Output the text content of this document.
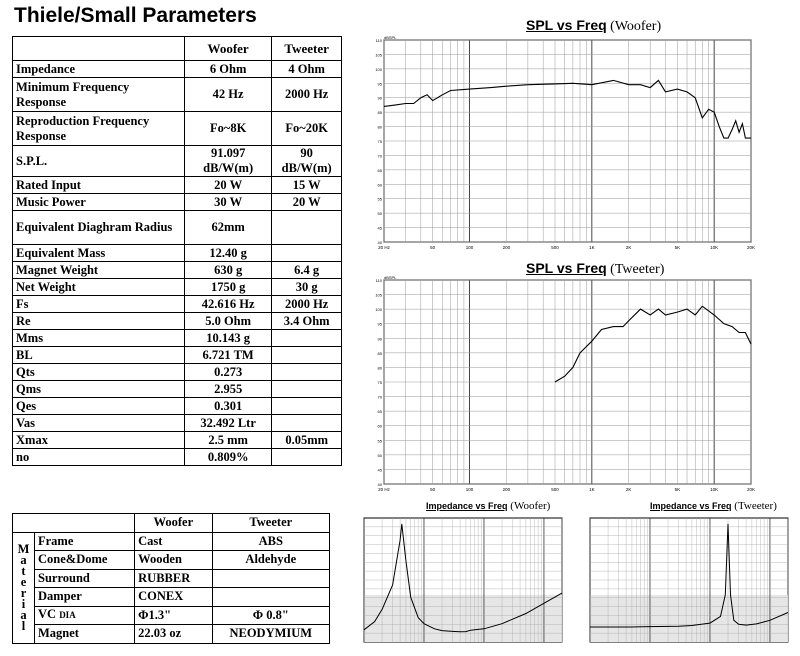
Thiele/Small Parameters
	Woofer	Tweeter
Impedance	6 Ohm	4 Ohm
Minimum Frequency Response	42 Hz	2000 Hz
Reproduction Frequency Response	Fo~8K	Fo~20K
S.P.L.	91.097 dB/W(m)	90 dB/W(m)
Rated Input	20 W	15 W
Music Power	30 W	20 W
Equivalent Diaghram Radius	62mm	
Equivalent Mass	12.40 g	
Magnet Weight	630 g	6.4 g
Net Weight	1750 g	30 g
Fs	42.616 Hz	2000 Hz
Re	5.0 Ohm	3.4 Ohm
Mms	10.143 g	
BL	6.721 TM	
Qts	0.273	
Qms	2.955	
Qes	0.301	
Vas	32.492 Ltr	
Xmax	2.5 mm	0.05mm
no	0.809%	
		Woofer	Tweeter
Material	Frame	Cast	ABS
	Cone&Dome	Wooden	Aldehyde
	Surround	RUBBER	
	Damper	CONEX	
	VC DIA	Φ1.3"	Φ 0.8"
	Magnet	22.03 oz	NEODYMIUM
SPL vs Freq (Woofer)
SPL vs Freq (Tweeter)
Impedance vs Freq (Woofer)	Impedance vs Freq (Tweeter)
40
45
50
55
60
65
70
75
80
85
90
95
100
105
110
dBSPL
20 Hz	50	100	200	500	1K	2K	5K	10K	20K
40
45
50
55
60
65
70
75
80
85
90
95
100
105
110
dBSPL
20 Hz	50	100	200	500	1K	2K	5K	10K	20K
